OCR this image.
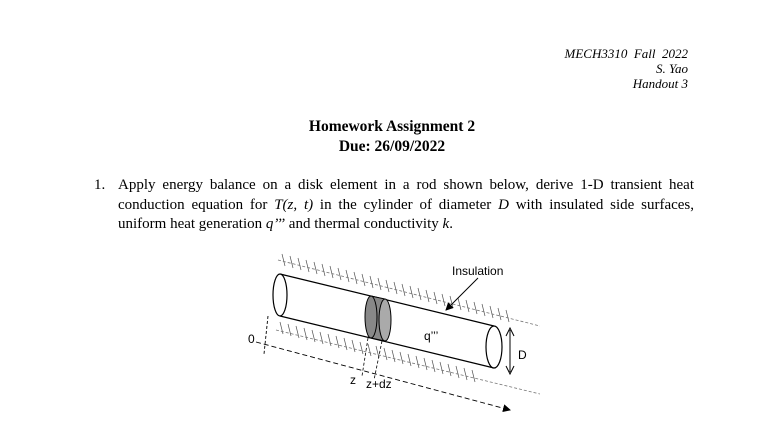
MECH3310  Fall  2022
S. Yao
Handout 3
Homework Assignment 2
Due: 26/09/2022
1. Apply energy balance on a disk element in a rod shown below, derive 1-D transient heat conduction equation for T(z, t) in the cylinder of diameter D with insulated side surfaces, uniform heat generation q’’’ and thermal conductivity k.
Insulation
q’’’
D
0
z z+dz
